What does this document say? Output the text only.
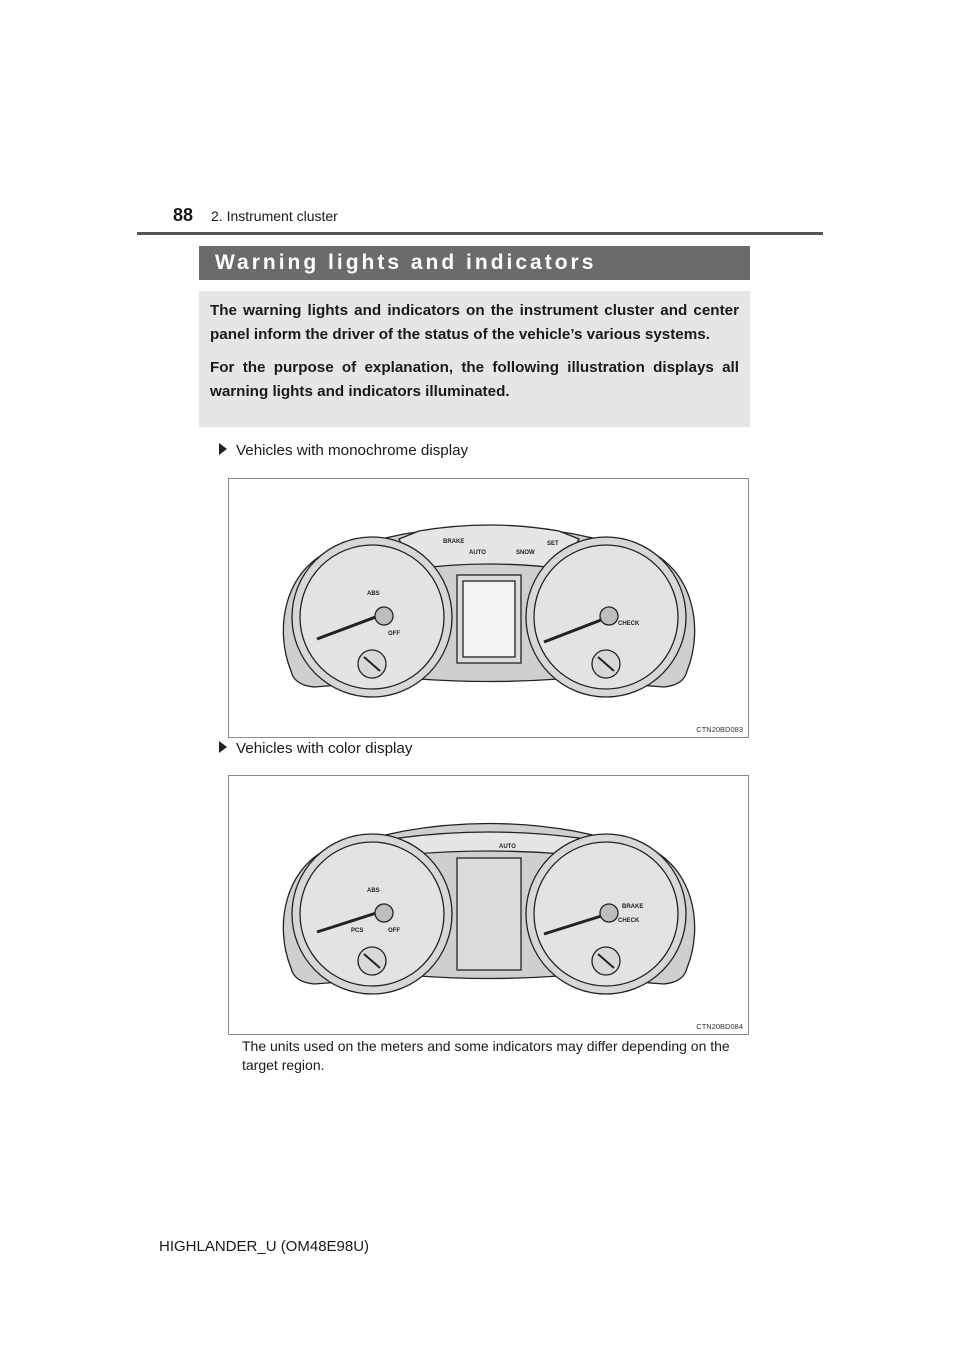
88 2. Instrument cluster
Warning lights and indicators

The warning lights and indicators on the instrument cluster and center panel inform the driver of the status of the vehicle’s various systems.

For the purpose of explanation, the following illustration displays all warning lights and indicators illuminated.

Vehicles with monochrome display
BRAKE
AUTO	SNOW
SET
ABS
OFF
CHECK
CTN20BD083
Vehicles with color display
AUTO
ABS
PCS	OFF
BRAKE
CHECK
CTN20BD084
The units used on the meters and some indicators may differ depending on the target region.
HIGHLANDER_U (OM48E98U)
